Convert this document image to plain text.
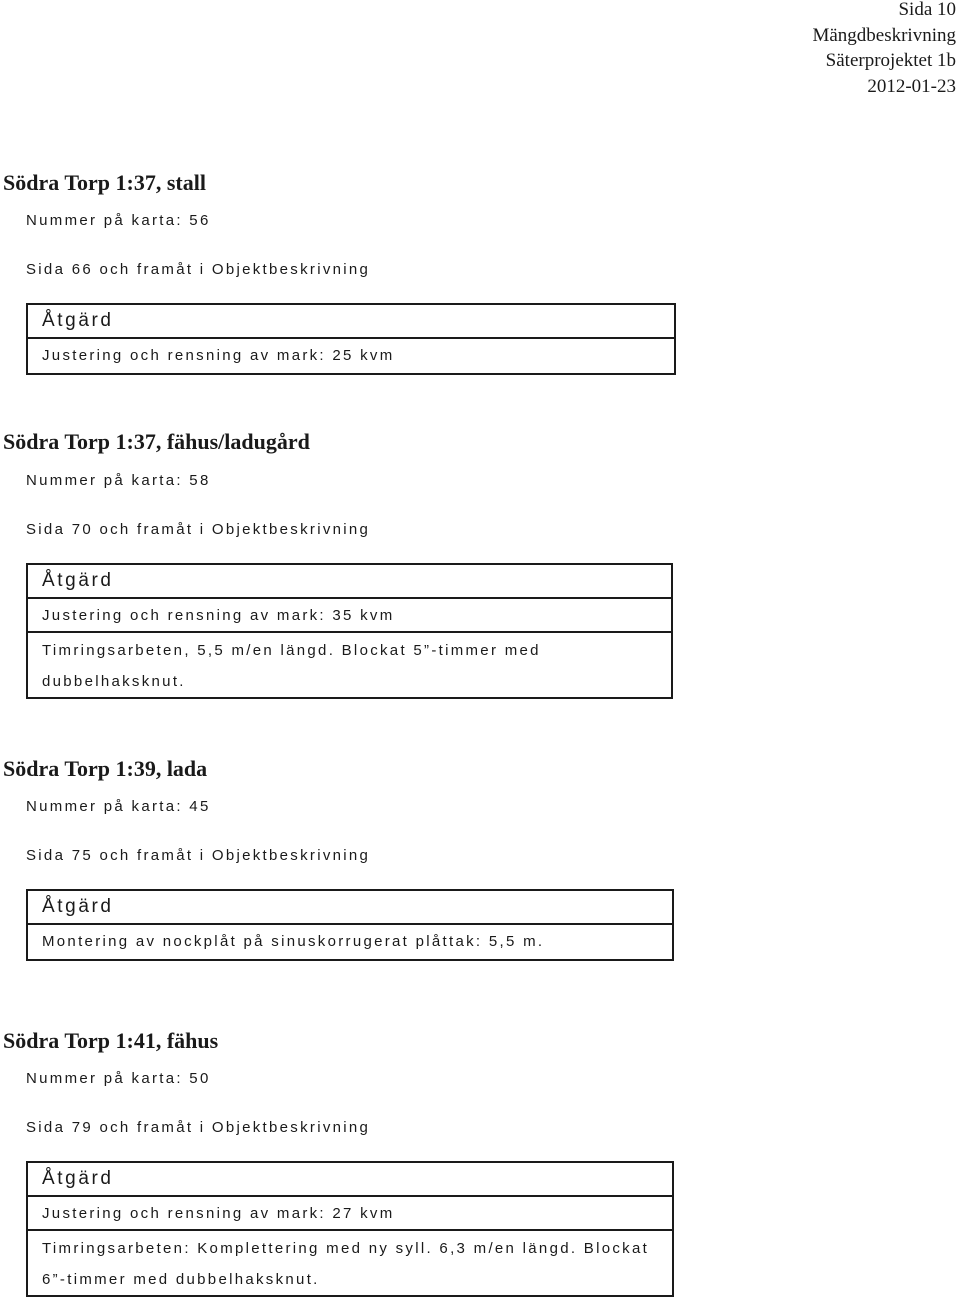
Sida 10
Mängdbeskrivning
Säterprojektet 1b
2012-01-23
Södra Torp 1:37, stall
Nummer på karta: 56
Sida 66 och framåt i Objektbeskrivning
Åtgärd
Justering och rensning av mark: 25 kvm
Södra Torp 1:37, fähus/ladugård
Nummer på karta: 58
Sida 70 och framåt i Objektbeskrivning
Åtgärd
Justering och rensning av mark: 35 kvm
Timringsarbeten, 5,5 m/en längd. Blockat 5”-timmer med dubbelhaksknut.
Södra Torp 1:39, lada
Nummer på karta: 45
Sida 75 och framåt i Objektbeskrivning
Åtgärd
Montering av nockplåt på sinuskorrugerat plåttak: 5,5 m.
Södra Torp 1:41, fähus
Nummer på karta: 50
Sida 79 och framåt i Objektbeskrivning
Åtgärd
Justering och rensning av mark: 27 kvm
Timringsarbeten: Komplettering med ny syll. 6,3 m/en längd. Blockat 6”-timmer med dubbelhaksknut.
